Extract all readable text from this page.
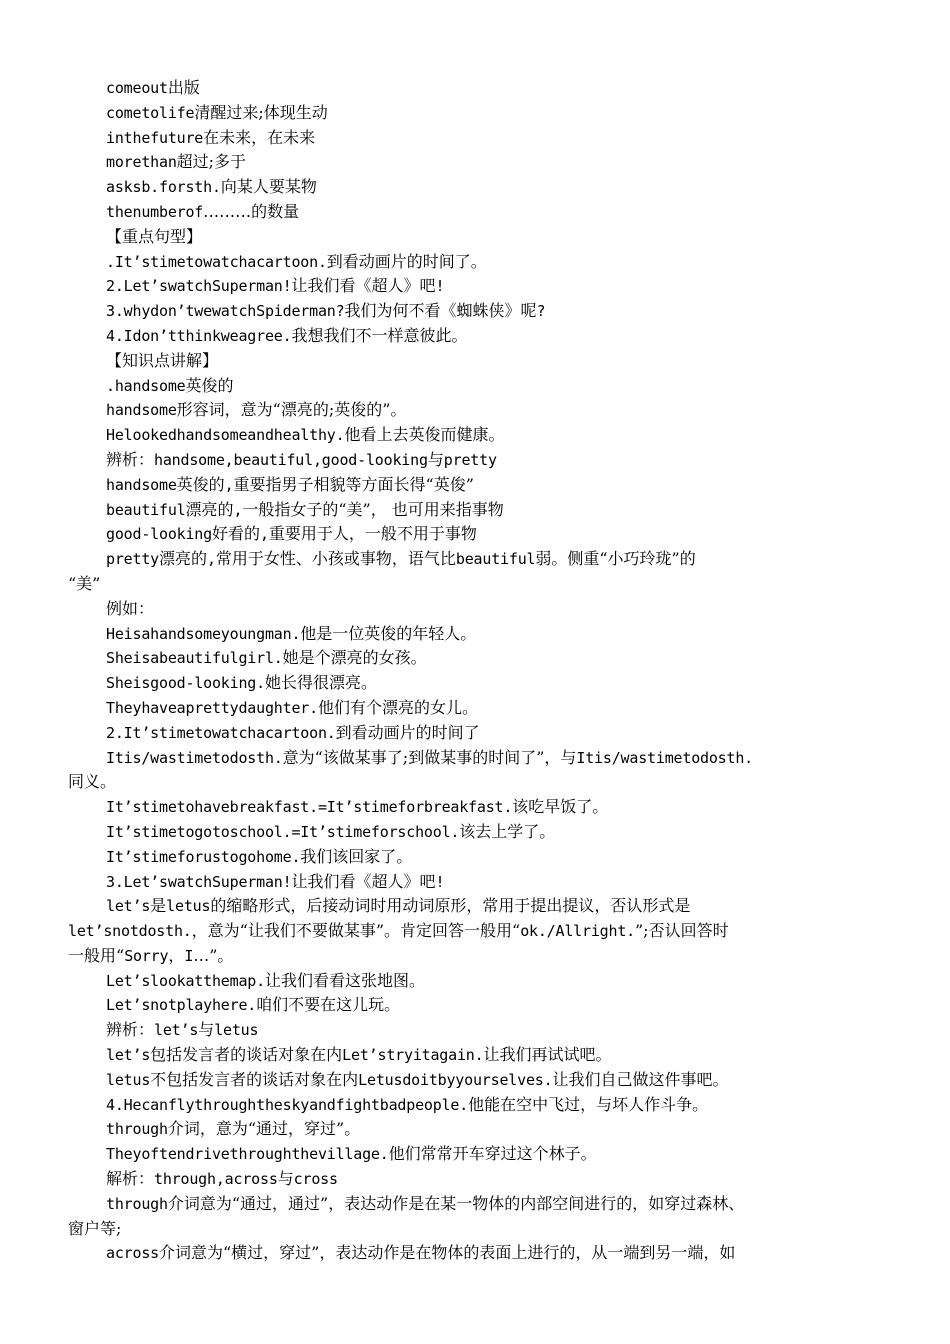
comeout出版
cometolife清醒过来;体现生动
inthefuture在未来，在未来
morethan超过;多于
asksb.forsth.向某人要某物
thenumberof………的数量
【重点句型】
.It’stimetowatchacartoon.到看动画片的时间了。
2.Let’swatchSuperman!让我们看《超人》吧!
3.whydon’twewatchSpiderman?我们为何不看《蜘蛛侠》呢?
4.Idon’tthinkweagree.我想我们不一样意彼此。
【知识点讲解】
.handsome英俊的
handsome形容词，意为“漂亮的;英俊的”。
Helookedhandsomeandhealthy.他看上去英俊而健康。
辨析：handsome,beautiful,good-looking与pretty
handsome英俊的,重要指男子相貌等方面长得“英俊”
beautiful漂亮的,一般指女子的“美”， 也可用来指事物
good-looking好看的,重要用于人，一般不用于事物
pretty漂亮的,常用于女性、小孩或事物，语气比beautiful弱。侧重“小巧玲珑”的
“美”
例如：
Heisahandsomeyoungman.他是一位英俊的年轻人。
Sheisabeautifulgirl.她是个漂亮的女孩。
Sheisgood-looking.她长得很漂亮。
Theyhaveaprettydaughter.他们有个漂亮的女儿。
2.It’stimetowatchacartoon.到看动画片的时间了
Itis/wastimetodosth.意为“该做某事了;到做某事的时间了”，与Itis/wastimetodosth.
同义。
It’stimetohavebreakfast.=It’stimeforbreakfast.该吃早饭了。
It’stimetogotoschool.=It’stimeforschool.该去上学了。
It’stimeforustogohome.我们该回家了。
3.Let’swatchSuperman!让我们看《超人》吧!
let’s是letus的缩略形式，后接动词时用动词原形，常用于提出提议，否认形式是
let’snotdosth.，意为“让我们不要做某事”。肯定回答一般用“ok./Allright.”;否认回答时
一般用“Sorry，I…”。
Let’slookatthemap.让我们看看这张地图。
Let’snotplayhere.咱们不要在这儿玩。
辨析：let’s与letus
let’s包括发言者的谈话对象在内Let’stryitagain.让我们再试试吧。
letus不包括发言者的谈话对象在内Letusdoitbyyourselves.让我们自己做这件事吧。
4.Hecanflythroughtheskyandfightbadpeople.他能在空中飞过，与坏人作斗争。
through介词，意为“通过，穿过”。
Theyoftendrivethroughthevillage.他们常常开车穿过这个林子。
解析：through,across与cross
through介词意为“通过，通过”，表达动作是在某一物体的内部空间进行的，如穿过森林、
窗户等;
across介词意为“横过，穿过”，表达动作是在物体的表面上进行的，从一端到另一端，如
